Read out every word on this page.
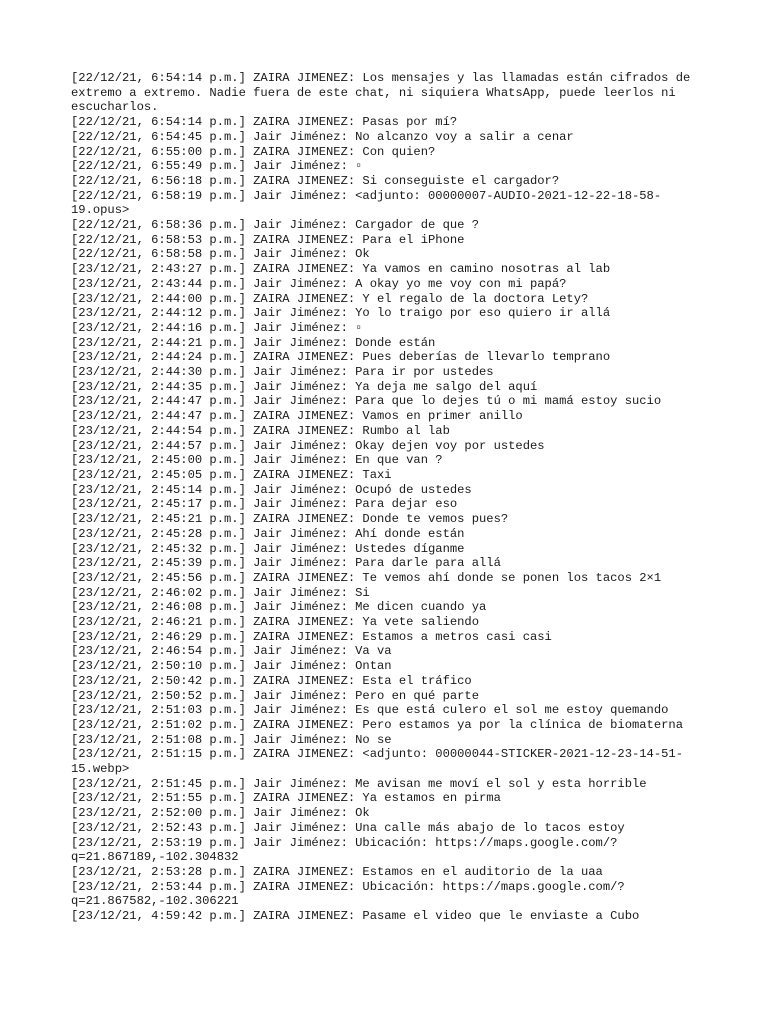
[22/12/21, 6:54:14 p.m.] ZAIRA JIMENEZ: Los mensajes y las llamadas están cifrados de extremo a extremo. Nadie fuera de este chat, ni siquiera WhatsApp, puede leerlos ni escucharlos.
[22/12/21, 6:54:14 p.m.] ZAIRA JIMENEZ: Pasas por mí?
[22/12/21, 6:54:45 p.m.] Jair Jiménez: No alcanzo voy a salir a cenar
[22/12/21, 6:55:00 p.m.] ZAIRA JIMENEZ: Con quien?
[22/12/21, 6:55:49 p.m.] Jair Jiménez: ▫
[22/12/21, 6:56:18 p.m.] ZAIRA JIMENEZ: Si conseguiste el cargador?
[22/12/21, 6:58:19 p.m.] Jair Jiménez: <adjunto: 00000007-AUDIO-2021-12-22-18-58-19.opus>
[22/12/21, 6:58:36 p.m.] Jair Jiménez: Cargador de que ?
[22/12/21, 6:58:53 p.m.] ZAIRA JIMENEZ: Para el iPhone
[22/12/21, 6:58:58 p.m.] Jair Jiménez: Ok
[23/12/21, 2:43:27 p.m.] ZAIRA JIMENEZ: Ya vamos en camino nosotras al lab
[23/12/21, 2:43:44 p.m.] Jair Jiménez: A okay yo me voy con mi papá?
[23/12/21, 2:44:00 p.m.] ZAIRA JIMENEZ: Y el regalo de la doctora Lety?
[23/12/21, 2:44:12 p.m.] Jair Jiménez: Yo lo traigo por eso quiero ir allá
[23/12/21, 2:44:16 p.m.] Jair Jiménez: ▫
[23/12/21, 2:44:21 p.m.] Jair Jiménez: Donde están
[23/12/21, 2:44:24 p.m.] ZAIRA JIMENEZ: Pues deberías de llevarlo temprano
[23/12/21, 2:44:30 p.m.] Jair Jiménez: Para ir por ustedes
[23/12/21, 2:44:35 p.m.] Jair Jiménez: Ya deja me salgo del aquí
[23/12/21, 2:44:47 p.m.] Jair Jiménez: Para que lo dejes tú o mi mamá estoy sucio
[23/12/21, 2:44:47 p.m.] ZAIRA JIMENEZ: Vamos en primer anillo
[23/12/21, 2:44:54 p.m.] ZAIRA JIMENEZ: Rumbo al lab
[23/12/21, 2:44:57 p.m.] Jair Jiménez: Okay dejen voy por ustedes
[23/12/21, 2:45:00 p.m.] Jair Jiménez: En que van ?
[23/12/21, 2:45:05 p.m.] ZAIRA JIMENEZ: Taxi
[23/12/21, 2:45:14 p.m.] Jair Jiménez: Ocupó de ustedes
[23/12/21, 2:45:17 p.m.] Jair Jiménez: Para dejar eso
[23/12/21, 2:45:21 p.m.] ZAIRA JIMENEZ: Donde te vemos pues?
[23/12/21, 2:45:28 p.m.] Jair Jiménez: Ahí donde están
[23/12/21, 2:45:32 p.m.] Jair Jiménez: Ustedes díganme
[23/12/21, 2:45:39 p.m.] Jair Jiménez: Para darle para allá
[23/12/21, 2:45:56 p.m.] ZAIRA JIMENEZ: Te vemos ahí donde se ponen los tacos 2×1
[23/12/21, 2:46:02 p.m.] Jair Jiménez: Si
[23/12/21, 2:46:08 p.m.] Jair Jiménez: Me dicen cuando ya
[23/12/21, 2:46:21 p.m.] ZAIRA JIMENEZ: Ya vete saliendo
[23/12/21, 2:46:29 p.m.] ZAIRA JIMENEZ: Estamos a metros casi casi
[23/12/21, 2:46:54 p.m.] Jair Jiménez: Va va
[23/12/21, 2:50:10 p.m.] Jair Jiménez: Ontan
[23/12/21, 2:50:42 p.m.] ZAIRA JIMENEZ: Esta el tráfico
[23/12/21, 2:50:52 p.m.] Jair Jiménez: Pero en qué parte
[23/12/21, 2:51:03 p.m.] Jair Jiménez: Es que está culero el sol me estoy quemando
[23/12/21, 2:51:02 p.m.] ZAIRA JIMENEZ: Pero estamos ya por la clínica de biomaterna
[23/12/21, 2:51:08 p.m.] Jair Jiménez: No se
[23/12/21, 2:51:15 p.m.] ZAIRA JIMENEZ: <adjunto: 00000044-STICKER-2021-12-23-14-51-15.webp>
[23/12/21, 2:51:45 p.m.] Jair Jiménez: Me avisan me moví el sol y esta horrible
[23/12/21, 2:51:55 p.m.] ZAIRA JIMENEZ: Ya estamos en pirma
[23/12/21, 2:52:00 p.m.] Jair Jiménez: Ok
[23/12/21, 2:52:43 p.m.] Jair Jiménez: Una calle más abajo de lo tacos estoy
[23/12/21, 2:53:19 p.m.] Jair Jiménez: Ubicación: https://maps.google.com/?q=21.867189,-102.304832
[23/12/21, 2:53:28 p.m.] ZAIRA JIMENEZ: Estamos en el auditorio de la uaa
[23/12/21, 2:53:44 p.m.] ZAIRA JIMENEZ: Ubicación: https://maps.google.com/?q=21.867582,-102.306221
[23/12/21, 4:59:42 p.m.] ZAIRA JIMENEZ: Pasame el video que le enviaste a Cubo
